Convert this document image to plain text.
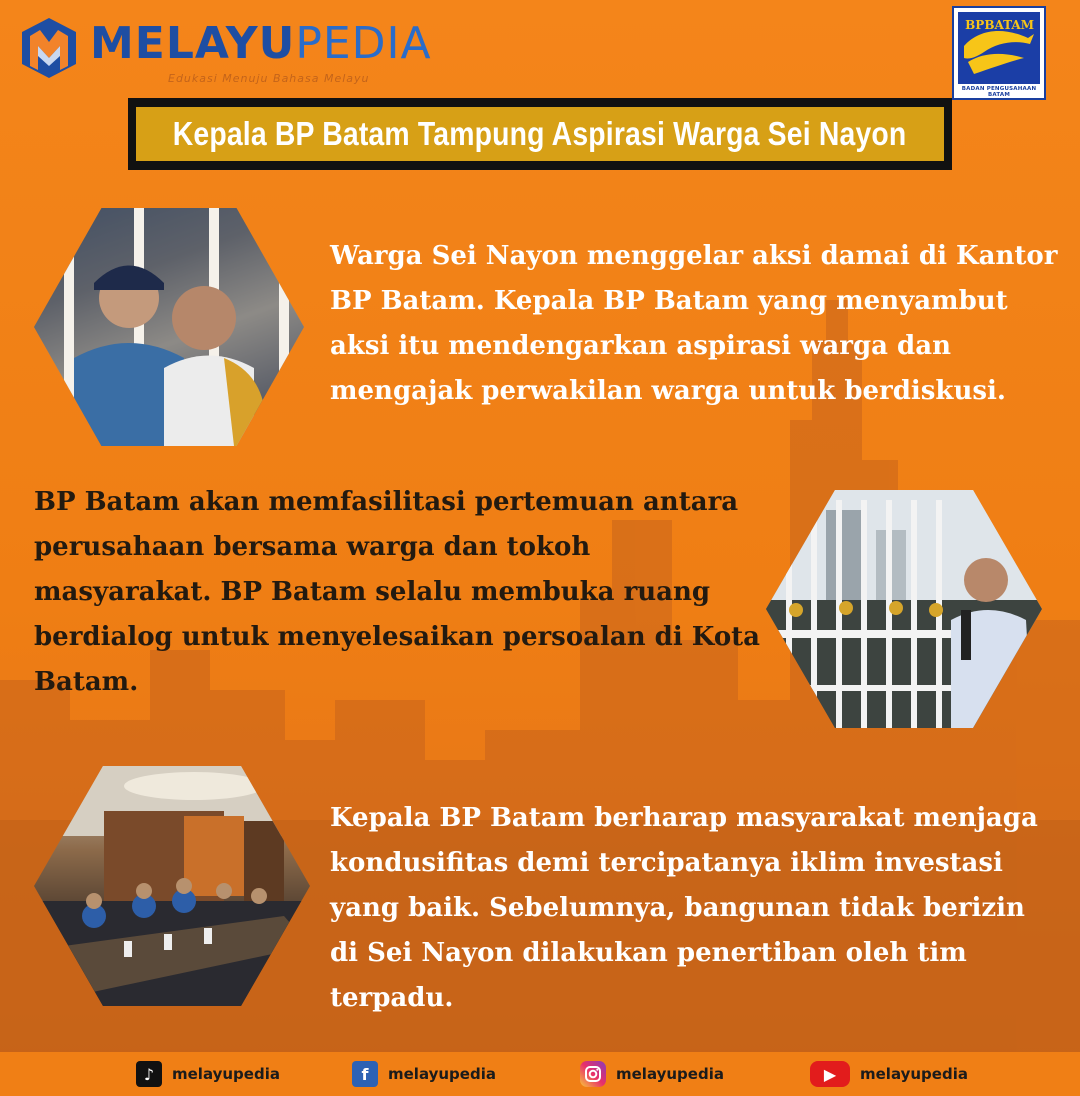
MELAYUPEDIA
Edukasi Menuju Bahasa Melayu
BPBATAM
BADAN PENGUSAHAAN BATAM
Kepala BP Batam Tampung Aspirasi Warga Sei Nayon

Warga Sei Nayon menggelar aksi damai di Kantor BP Batam. Kepala BP Batam yang menyambut aksi itu mendengarkan aspirasi warga dan mengajak perwakilan warga untuk berdiskusi.

BP Batam akan memfasilitasi pertemuan antara perusahaan bersama warga dan tokoh masyarakat. BP Batam selalu membuka ruang berdialog untuk menyelesaikan persoalan di Kota Batam.

Kepala BP Batam berharap masyarakat menjaga kondusifitas demi tercipatanya iklim investasi yang baik. Sebelumnya, bangunan tidak berizin di Sei Nayon dilakukan penertiban oleh tim terpadu.

♪	melayupedia	f	melayupedia	melayupedia	▶	melayupedia
